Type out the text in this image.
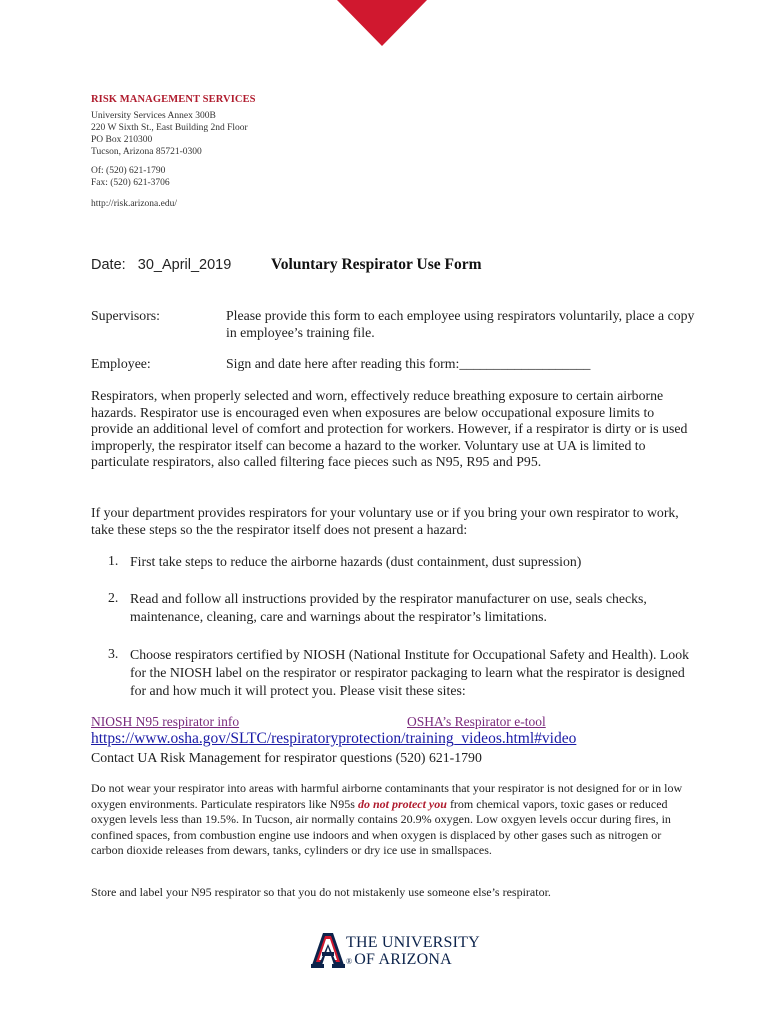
RISK MANAGEMENT SERVICES
University Services Annex 300B
220 W Sixth St., East Building 2nd Floor
PO Box 210300
Tucson, Arizona 85721-0300
Of: (520) 621-1790
Fax: (520) 621-3706
http://risk.arizona.edu/
Date: 30_April_2019	Voluntary Respirator Use Form
Supervisors:	Please provide this form to each employee using respirators voluntarily, place a copy in employee’s training file.
Employee:	Sign and date here after reading this form:___________________
Respirators, when properly selected and worn, effectively reduce breathing exposure to certain airborne hazards. Respirator use is encouraged even when exposures are below occupational exposure limits to provide an additional level of comfort and protection for workers. However, if a respirator is dirty or is used improperly, the respirator itself can become a hazard to the worker. Voluntary use at UA is limited to particulate respirators, also called filtering face pieces such as N95, R95 and P95.
If your department provides respirators for your voluntary use or if you bring your own respirator to work, take these steps so the the respirator itself does not present a hazard:
1. First take steps to reduce the airborne hazards (dust containment, dust supression)
2. Read and follow all instructions provided by the respirator manufacturer on use, seals checks, maintenance, cleaning, care and warnings about the respirator’s limitations.
3. Choose respirators certified by NIOSH (National Institute for Occupational Safety and Health). Look for the NIOSH label on the respirator or respirator packaging to learn what the respirator is designed for and how much it will protect you. Please visit these sites:
NIOSH N95 respirator info	OSHA’s Respirator e-tool
https://www.osha.gov/SLTC/respiratoryprotection/training_videos.html#video
Contact UA Risk Management for respirator questions (520) 621-1790
Do not wear your respirator into areas with harmful airborne contaminants that your respirator is not designed for or in low oxygen environments. Particulate respirators like N95s do not protect you from chemical vapors, toxic gases or reduced oxygen levels less than 19.5%. In Tucson, air normally contains 20.9% oxygen. Low oxgyen levels occur during fires, in confined spaces, from combustion engine use indoors and when oxygen is displaced by other gases such as nitrogen or carbon dioxide releases from dewars, tanks, cylinders or dry ice use in smallspaces.
Store and label your N95 respirator so that you do not mistakenly use someone else’s respirator.
THE UNIVERSITY
® OF ARIZONA
